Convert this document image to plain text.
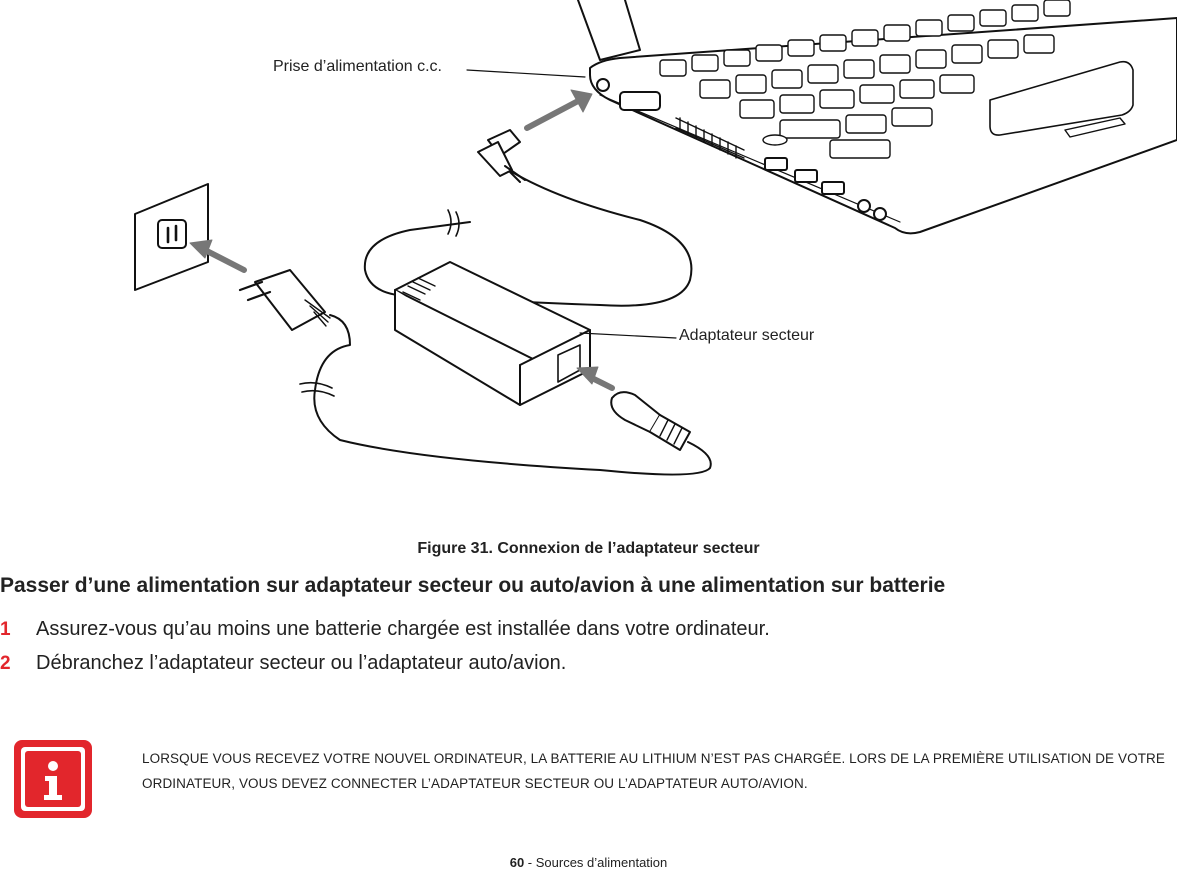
Prise d’alimentation c.c.
Adaptateur secteur
Figure 31. Connexion de l’adaptateur secteur
Passer d’une alimentation sur adaptateur secteur ou auto/avion à une alimentation sur batterie
1 Assurez-vous qu’au moins une batterie chargée est installée dans votre ordinateur.
2 Débranchez l’adaptateur secteur ou l’adaptateur auto/avion.
LORSQUE VOUS RECEVEZ VOTRE NOUVEL ORDINATEUR, LA BATTERIE AU LITHIUM N’EST PAS CHARGÉE. LORS DE LA PREMIÈRE UTILISATION DE VOTRE ORDINATEUR, VOUS DEVEZ CONNECTER L’ADAPTATEUR SECTEUR OU L’ADAPTATEUR AUTO/AVION.
60 - Sources d’alimentation
